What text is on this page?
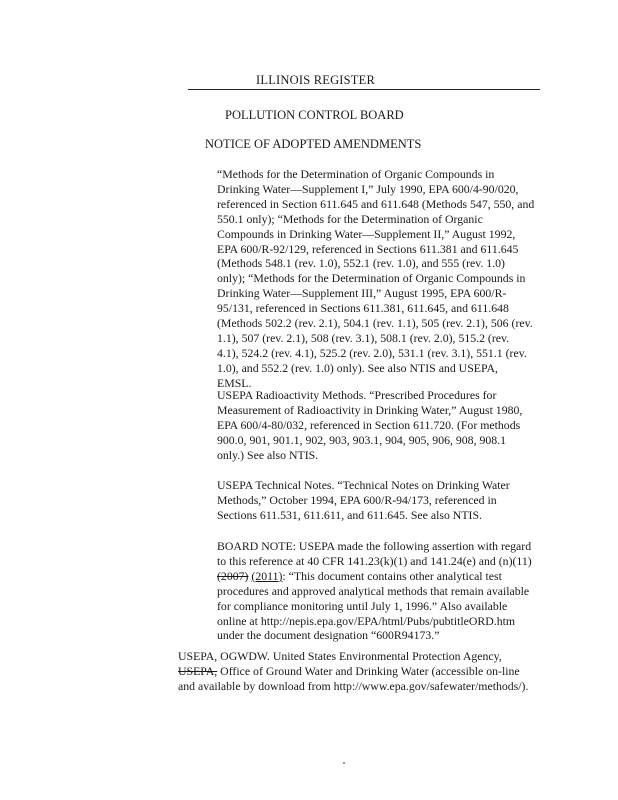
ILLINOIS REGISTER
POLLUTION CONTROL BOARD
NOTICE OF ADOPTED AMENDMENTS
“Methods for the Determination of Organic Compounds in
Drinking Water—Supplement I,” July 1990, EPA 600/4-90/020,
referenced in Section 611.645 and 611.648 (Methods 547, 550, and
550.1 only); “Methods for the Determination of Organic
Compounds in Drinking Water—Supplement II,” August 1992,
EPA 600/R-92/129, referenced in Sections 611.381 and 611.645
(Methods 548.1 (rev. 1.0), 552.1 (rev. 1.0), and 555 (rev. 1.0)
only); “Methods for the Determination of Organic Compounds in
Drinking Water—Supplement III,” August 1995, EPA 600/R-
95/131, referenced in Sections 611.381, 611.645, and 611.648
(Methods 502.2 (rev. 2.1), 504.1 (rev. 1.1), 505 (rev. 2.1), 506 (rev.
1.1), 507 (rev. 2.1), 508 (rev. 3.1), 508.1 (rev. 2.0), 515.2 (rev.
4.1), 524.2 (rev. 4.1), 525.2 (rev. 2.0), 531.1 (rev. 3.1), 551.1 (rev.
1.0), and 552.2 (rev. 1.0) only). See also NTIS and USEPA,
EMSL.
USEPA Radioactivity Methods. “Prescribed Procedures for
Measurement of Radioactivity in Drinking Water,” August 1980,
EPA 600/4-80/032, referenced in Section 611.720. (For methods
900.0, 901, 901.1, 902, 903, 903.1, 904, 905, 906, 908, 908.1
only.) See also NTIS.
USEPA Technical Notes. “Technical Notes on Drinking Water
Methods,” October 1994, EPA 600/R-94/173, referenced in
Sections 611.531, 611.611, and 611.645. See also NTIS.
BOARD NOTE: USEPA made the following assertion with regard
to this reference at 40 CFR 141.23(k)(1) and 141.24(e) and (n)(11)
(2007) (2011): “This document contains other analytical test
procedures and approved analytical methods that remain available
for compliance monitoring until July 1, 1996.” Also available
online at http://nepis.epa.gov/EPA/html/Pubs/pubtitleORD.htm
under the document designation “600R94173.”
USEPA, OGWDW. United States Environmental Protection Agency,
USEPA, Office of Ground Water and Drinking Water (accessible on-line
and available by download from http://www.epa.gov/safewater/methods/).
